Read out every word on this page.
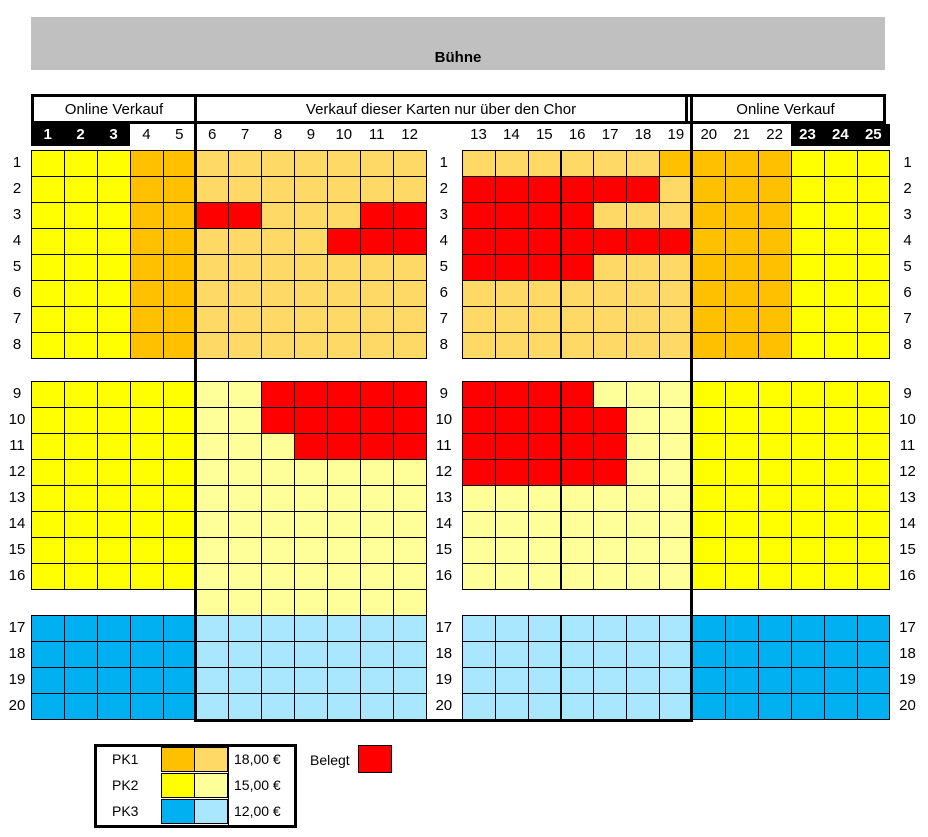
Bühne
Online Verkauf	Verkauf dieser Karten nur über den Chor	Online Verkauf
Belegt
1	2	3	4	5	6	7	8	9	10	11	12	13	14	15	16	17	18	19	20	21	22	23	24	25
1	1	1
2	2	2
3	3	3
4	4	4
5	5	5
6	6	6
7	7	7
8	8	8
9	9	9
10	10	10
11	11	11
12	12	12
13	13	13
14	14	14
15	15	15
16	16	16
17	17	17
18	18	18
19	19	19
20	20	20
PK1	18,00 €
PK2	15,00 €
PK3	12,00 €
